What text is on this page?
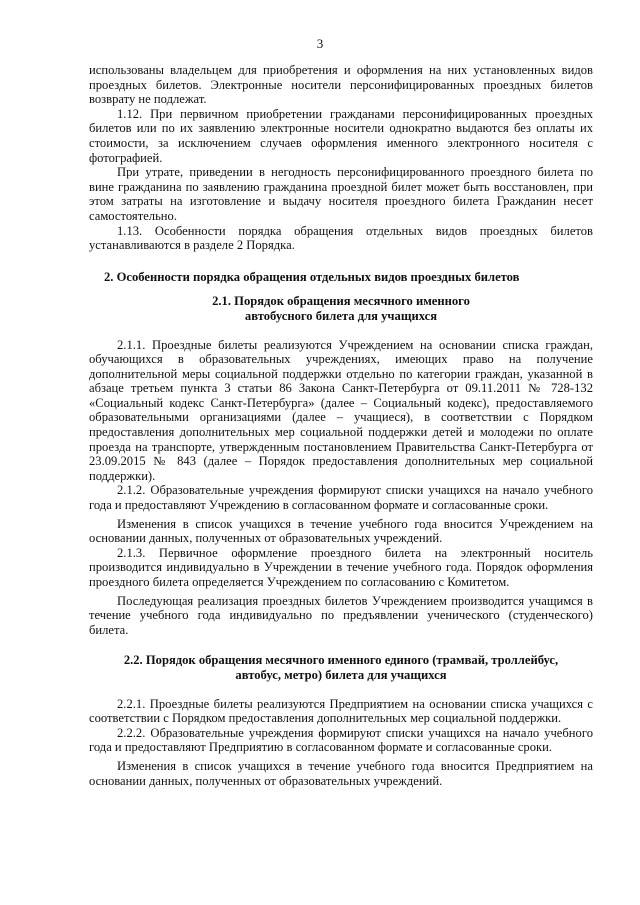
3

использованы владельцем для приобретения и оформления на них установленных видов проездных билетов. Электронные носители персонифицированных проездных билетов возврату не подлежат.

1.12. При первичном приобретении гражданами персонифицированных проездных билетов или по их заявлению электронные носители однократно выдаются без оплаты их стоимости, за исключением случаев оформления именного электронного носителя с фотографией.

При утрате, приведении в негодность персонифицированного проездного билета по вине гражданина по заявлению гражданина проездной билет может быть восстановлен, при этом затраты на изготовление и выдачу носителя проездного билета Гражданин несет самостоятельно.

1.13. Особенности порядка обращения отдельных видов проездных билетов устанавливаются в разделе 2 Порядка.

2. Особенности порядка обращения отдельных видов проездных билетов

2.1. Порядок обращения месячного именного
автобусного билета для учащихся

2.1.1. Проездные билеты реализуются Учреждением на основании списка граждан, обучающихся в образовательных учреждениях, имеющих право на получение дополнительной меры социальной поддержки отдельно по категории граждан, указанной в абзаце третьем пункта 3 статьи 86 Закона Санкт-Петербурга от 09.11.2011 № 728-132 «Социальный кодекс Санкт-Петербурга» (далее – Социальный кодекс), предоставляемого образовательными организациями (далее – учащиеся), в соответствии с Порядком предоставления дополнительных мер социальной поддержки детей и молодежи по оплате проезда на транспорте, утвержденным постановлением Правительства Санкт-Петербурга от 23.09.2015 № 843 (далее – Порядок предоставления дополнительных мер социальной поддержки).

2.1.2. Образовательные учреждения формируют списки учащихся на начало учебного года и предоставляют Учреждению в согласованном формате и согласованные сроки.

Изменения в список учащихся в течение учебного года вносится Учреждением на основании данных, полученных от образовательных учреждений.

2.1.3. Первичное оформление проездного билета на электронный носитель производится индивидуально в Учреждении в течение учебного года. Порядок оформления проездного билета определяется Учреждением по согласованию с Комитетом.

Последующая реализация проездных билетов Учреждением производится учащимся в течение учебного года индивидуально по предъявлении ученического (студенческого) билета.

2.2. Порядок обращения месячного именного единого (трамвай, троллейбус,
автобус, метро) билета для учащихся

2.2.1. Проездные билеты реализуются Предприятием на основании списка учащихся с соответствии с Порядком предоставления дополнительных мер социальной поддержки.

2.2.2. Образовательные учреждения формируют списки учащихся на начало учебного года и предоставляют Предприятию в согласованном формате и согласованные сроки.

Изменения в список учащихся в течение учебного года вносится Предприятием на основании данных, полученных от образовательных учреждений.
